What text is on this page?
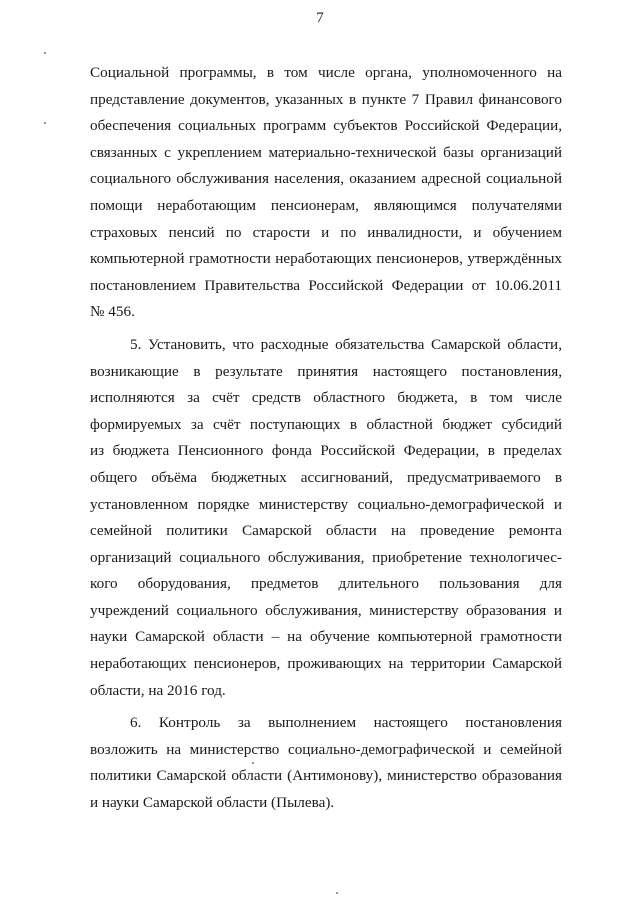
7
Социальной программы, в том числе органа, уполномоченного на
представление документов, указанных в пункте 7 Правил финансового
обеспечения социальных программ субъектов Российской Федерации,
связанных с укреплением материально-технической базы организаций
социального обслуживания населения, оказанием адресной социальной
помощи неработающим пенсионерам, являющимся получателями
страховых пенсий по старости и по инвалидности, и обучением
компьютерной грамотности неработающих пенсионеров, утверждённых
постановлением Правительства Российской Федерации от 10.06.2011
№ 456.
5. Установить, что расходные обязательства Самарской области,
возникающие в результате принятия настоящего постановления,
исполняются за счёт средств областного бюджета, в том числе
формируемых за счёт поступающих в областной бюджет субсидий
из бюджета Пенсионного фонда Российской Федерации, в пределах
общего объёма бюджетных ассигнований, предусматриваемого в
установленном порядке министерству социально-демографической и
семейной политики Самарской области на проведение ремонта
организаций социального обслуживания, приобретение технологичес-
кого оборудования, предметов длительного пользования для
учреждений социального обслуживания, министерству образования и
науки Самарской области – на обучение компьютерной грамотности
неработающих пенсионеров, проживающих на территории Самарской
области, на 2016 год.
6. Контроль за выполнением настоящего постановления
возложить на министерство социально-демографической и семейной
политики Самарской области (Антимонову), министерство образования
и науки Самарской области (Пылева).
